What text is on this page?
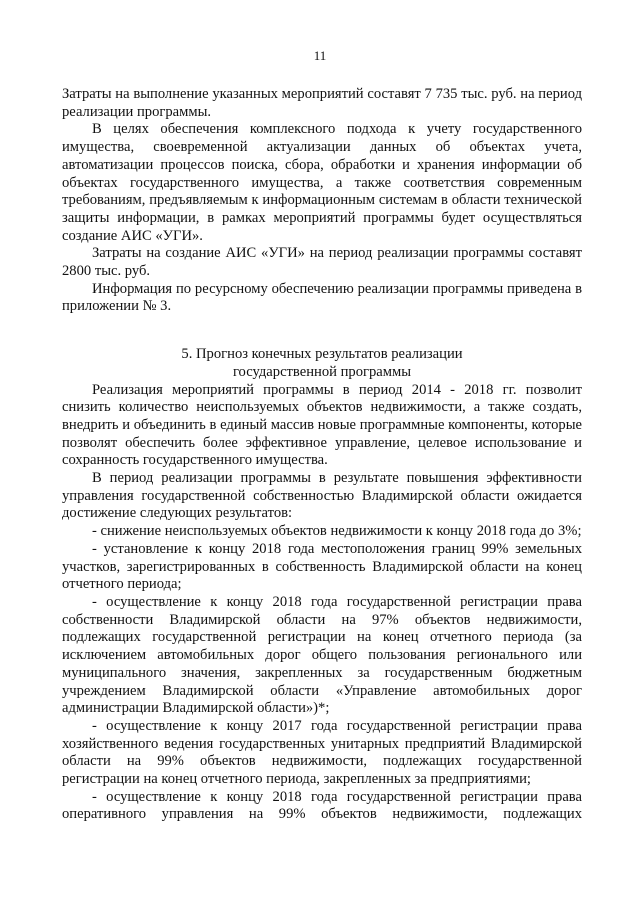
11

Затраты на выполнение указанных мероприятий составят 7 735 тыс. руб. на период реализации программы.

В целях обеспечения комплексного подхода к учету государственного имущества, своевременной актуализации данных об объектах учета, автоматизации процессов поиска, сбора, обработки и хранения информации об объектах государственного имущества, а также соответствия современным требованиям, предъявляемым к информационным системам в области технической защиты информации, в рамках мероприятий программы будет осуществляться создание АИС «УГИ».

Затраты на создание АИС «УГИ» на период реализации программы составят 2800 тыс. руб.

Информация по ресурсному обеспечению реализации программы приведена в приложении № 3.

5. Прогноз конечных результатов реализации
государственной программы

Реализация мероприятий программы в период 2014 - 2018 гг. позволит снизить количество неиспользуемых объектов недвижимости, а также создать, внедрить и объединить в единый массив новые программные компоненты, которые позволят обеспечить более эффективное управление, целевое использование и сохранность государственного имущества.

В период реализации программы в результате повышения эффективности управления государственной собственностью Владимирской области ожидается достижение следующих результатов:

- снижение неиспользуемых объектов недвижимости к концу 2018 года до 3%;

- установление к концу 2018 года местоположения границ 99% земельных участков, зарегистрированных в собственность Владимирской области на конец отчетного периода;

- осуществление к концу 2018 года государственной регистрации права собственности Владимирской области на 97% объектов недвижимости, подлежащих государственной регистрации на конец отчетного периода (за исключением автомобильных дорог общего пользования регионального или муниципального значения, закрепленных за государственным бюджетным учреждением Владимирской области «Управление автомобильных дорог администрации Владимирской области»)*;

- осуществление к концу 2017 года государственной регистрации права хозяйственного ведения государственных унитарных предприятий Владимирской области на 99% объектов недвижимости, подлежащих государственной регистрации на конец отчетного периода, закрепленных за предприятиями;

- осуществление к концу 2018 года государственной регистрации права оперативного управления на 99% объектов недвижимости, подлежащих
